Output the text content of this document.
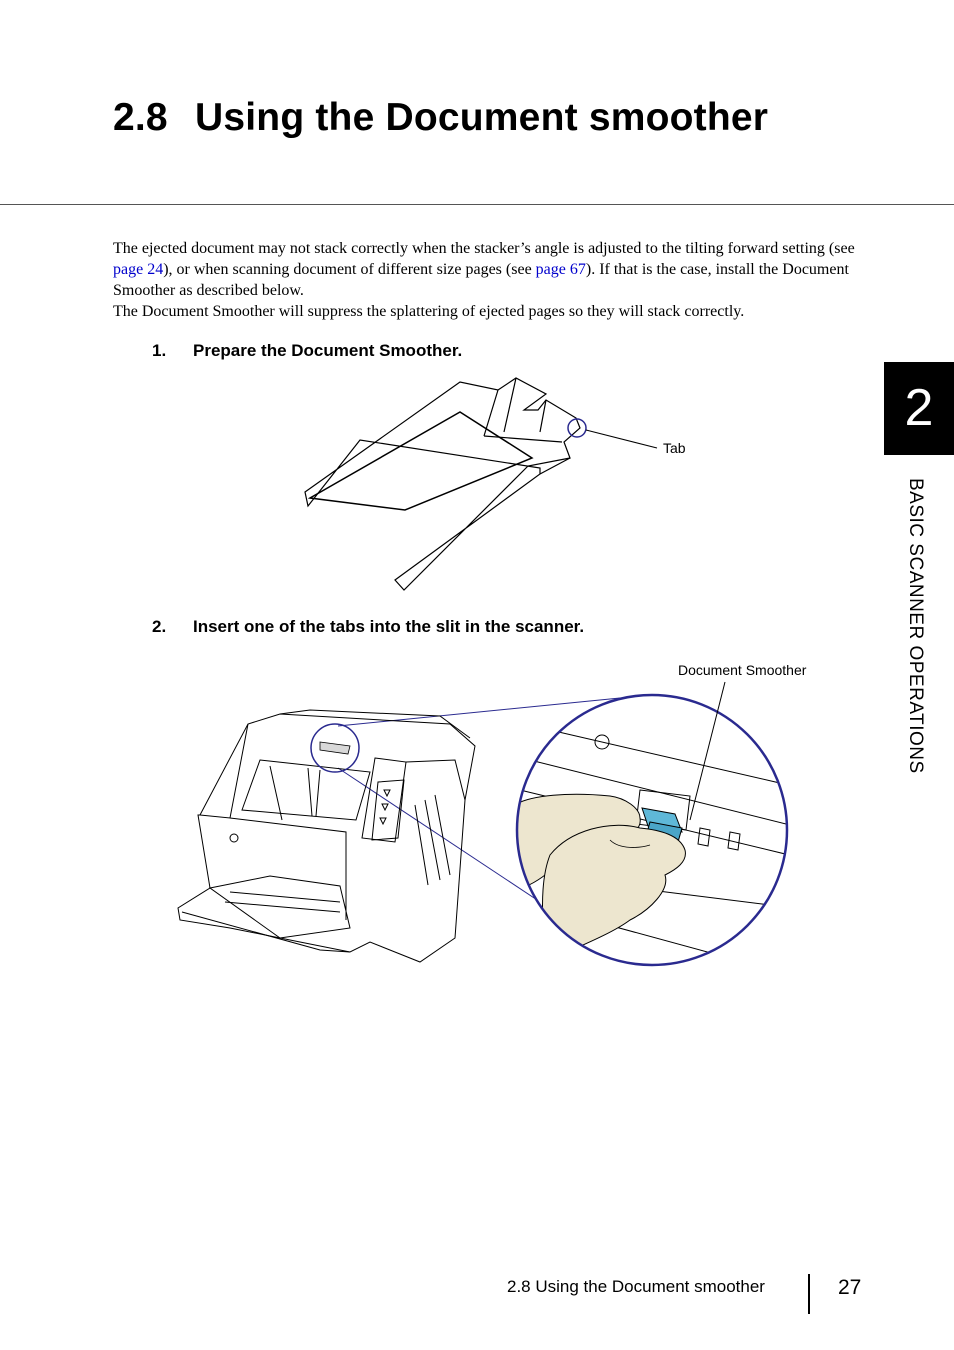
2.8 Using the Document smoother

The ejected document may not stack correctly when the stacker’s angle is adjusted to the tilting forward setting (see page 24), or when scanning document of different size pages (see page 67). If that is the case, install the Document Smoother as described below.

The Document Smoother will suppress the splattering of ejected pages so they will stack correctly.

1. Prepare the Document Smoother.
Tab
2. Insert one of the tabs into the slit in the scanner.
Document Smoother
2
BASIC SCANNER OPERATIONS
2.8 Using the Document smoother	27
